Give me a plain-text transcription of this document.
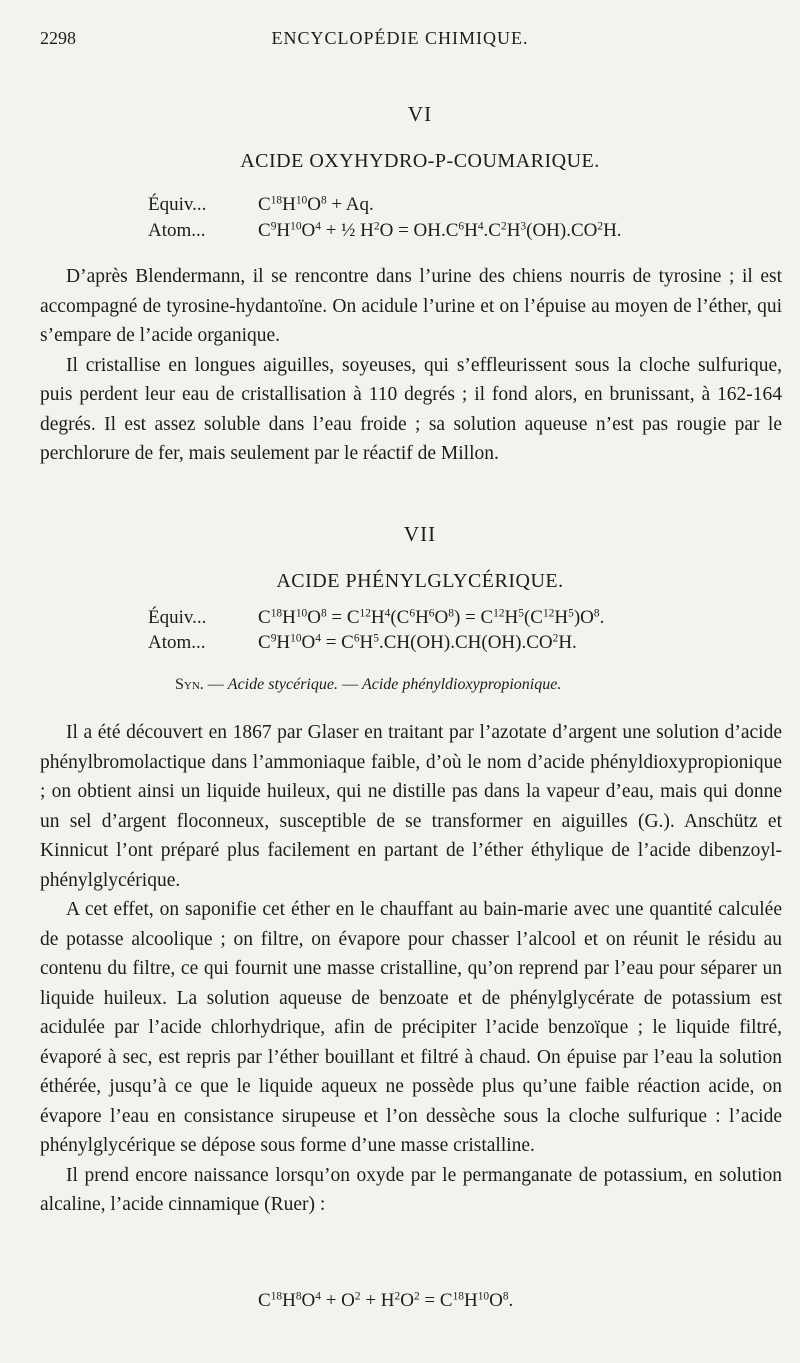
2298	ENCYCLOPÉDIE CHIMIQUE.
VI
ACIDE OXYHYDRO-P-COUMARIQUE.
Équiv...	$C^{18}H^{10}O^8 + Aq$.
Atom...	$C^9H^{10}O^4$ + ½ $H^2O = OH.C^6H^4.C^2H^3(OH).CO^2H$.

D’après Blendermann, il se rencontre dans l’urine des chiens nourris de tyrosine ; il est accompagné de tyrosine-hydantoïne. On acidule l’urine et on l’épuise au moyen de l’éther, qui s’empare de l’acide organique.

Il cristallise en longues aiguilles, soyeuses, qui s’effleurissent sous la cloche sulfurique, puis perdent leur eau de cristallisation à 110 degrés ; il fond alors, en brunissant, à 162-164 degrés. Il est assez soluble dans l’eau froide ; sa solution aqueuse n’est pas rougie par le perchlorure de fer, mais seulement par le réactif de Millon.

VII
ACIDE PHÉNYLGLYCÉRIQUE.
Équiv...	$C^{18}H^{10}O^8 = C^{12}H^4(C^6H^6O^8) = C^{12}H^5(C^{12}H^5)O^8$.
Atom...	$C^9H^{10}O^4 = C^6H^5.CH(OH).CH(OH).CO^2H$.
Syn. — Acide stycérique. — Acide phényldioxypropionique.

Il a été découvert en 1867 par Glaser en traitant par l’azotate d’argent une solution d’acide phénylbromolactique dans l’ammoniaque faible, d’où le nom d’acide phényldioxypropionique ; on obtient ainsi un liquide huileux, qui ne distille pas dans la vapeur d’eau, mais qui donne un sel d’argent floconneux, susceptible de se transformer en aiguilles (G.). Anschütz et Kinnicut l’ont préparé plus facilement en partant de l’éther éthylique de l’acide dibenzoyl-phénylglycérique.

A cet effet, on saponifie cet éther en le chauffant au bain-marie avec une quantité calculée de potasse alcoolique ; on filtre, on évapore pour chasser l’alcool et on réunit le résidu au contenu du filtre, ce qui fournit une masse cristalline, qu’on reprend par l’eau pour séparer un liquide huileux. La solution aqueuse de benzoate et de phénylglycérate de potassium est acidulée par l’acide chlorhydrique, afin de précipiter l’acide benzoïque ; le liquide filtré, évaporé à sec, est repris par l’éther bouillant et filtré à chaud. On épuise par l’eau la solution éthérée, jusqu’à ce que le liquide aqueux ne possède plus qu’une faible réaction acide, on évapore l’eau en consistance sirupeuse et l’on dessèche sous la cloche sulfurique : l’acide phénylglycérique se dépose sous forme d’une masse cristalline.

Il prend encore naissance lorsqu’on oxyde par le permanganate de potassium, en solution alcaline, l’acide cinnamique (Ruer) :

$C^{18}H^8O^4 + O^2 + H^2O^2 = C^{18}H^{10}O^8$.
